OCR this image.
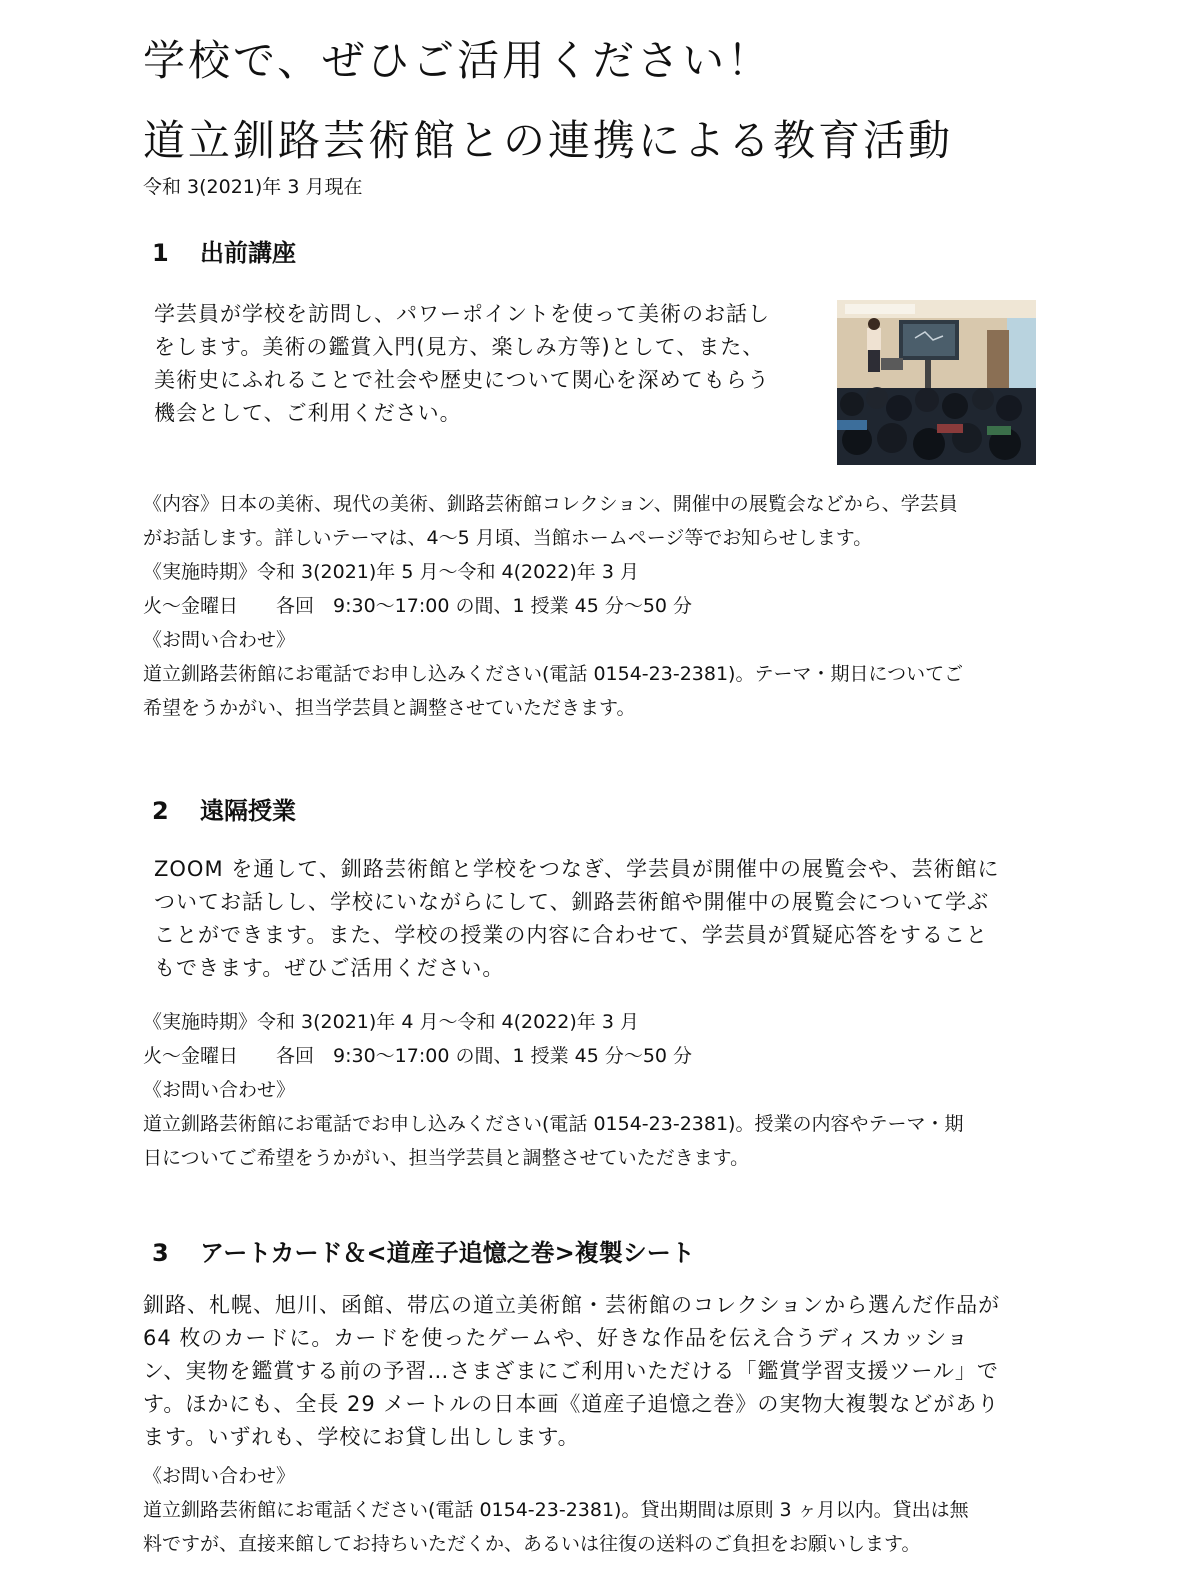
学校で、ぜひご活用ください！
道立釧路芸術館との連携による教育活動
令和 3(2021)年 3 月現在
1 出前講座

学芸員が学校を訪問し、パワーポイントを使って美術のお話し

をします。美術の鑑賞入門(見方、楽しみ方等)として、また、

美術史にふれることで社会や歴史について関心を深めてもらう

機会として、ご利用ください。

《内容》日本の美術、現代の美術、釧路芸術館コレクション、開催中の展覧会などから、学芸員

がお話します。詳しいテーマは、4～5 月頃、当館ホームページ等でお知らせします。

《実施時期》令和 3(2021)年 5 月～令和 4(2022)年 3 月

火～金曜日　　各回　9:30～17:00 の間、1 授業 45 分～50 分

《お問い合わせ》

道立釧路芸術館にお電話でお申し込みください(電話 0154-23-2381)。テーマ・期日についてご

希望をうかがい、担当学芸員と調整させていただきます。

2 遠隔授業

ZOOM を通して、釧路芸術館と学校をつなぎ、学芸員が開催中の展覧会や、芸術館に

ついてお話しし、学校にいながらにして、釧路芸術館や開催中の展覧会について学ぶ

ことができます。また、学校の授業の内容に合わせて、学芸員が質疑応答をすること

もできます。ぜひご活用ください。

《実施時期》令和 3(2021)年 4 月～令和 4(2022)年 3 月

火～金曜日　　各回　9:30～17:00 の間、1 授業 45 分～50 分

《お問い合わせ》

道立釧路芸術館にお電話でお申し込みください(電話 0154-23-2381)。授業の内容やテーマ・期

日についてご希望をうかがい、担当学芸員と調整させていただきます。

3 アートカード＆<道産子追憶之巻>複製シート

釧路、札幌、旭川、函館、帯広の道立美術館・芸術館のコレクションから選んだ作品が

64 枚のカードに。カードを使ったゲームや、好きな作品を伝え合うディスカッショ

ン、実物を鑑賞する前の予習…さまざまにご利用いただける「鑑賞学習支援ツール」で

す。ほかにも、全長 29 メートルの日本画《道産子追憶之巻》の実物大複製などがあり

ます。いずれも、学校にお貸し出しします。

《お問い合わせ》

道立釧路芸術館にお電話ください(電話 0154-23-2381)。貸出期間は原則 3 ヶ月以内。貸出は無

料ですが、直接来館してお持ちいただくか、あるいは往復の送料のご負担をお願いします。
